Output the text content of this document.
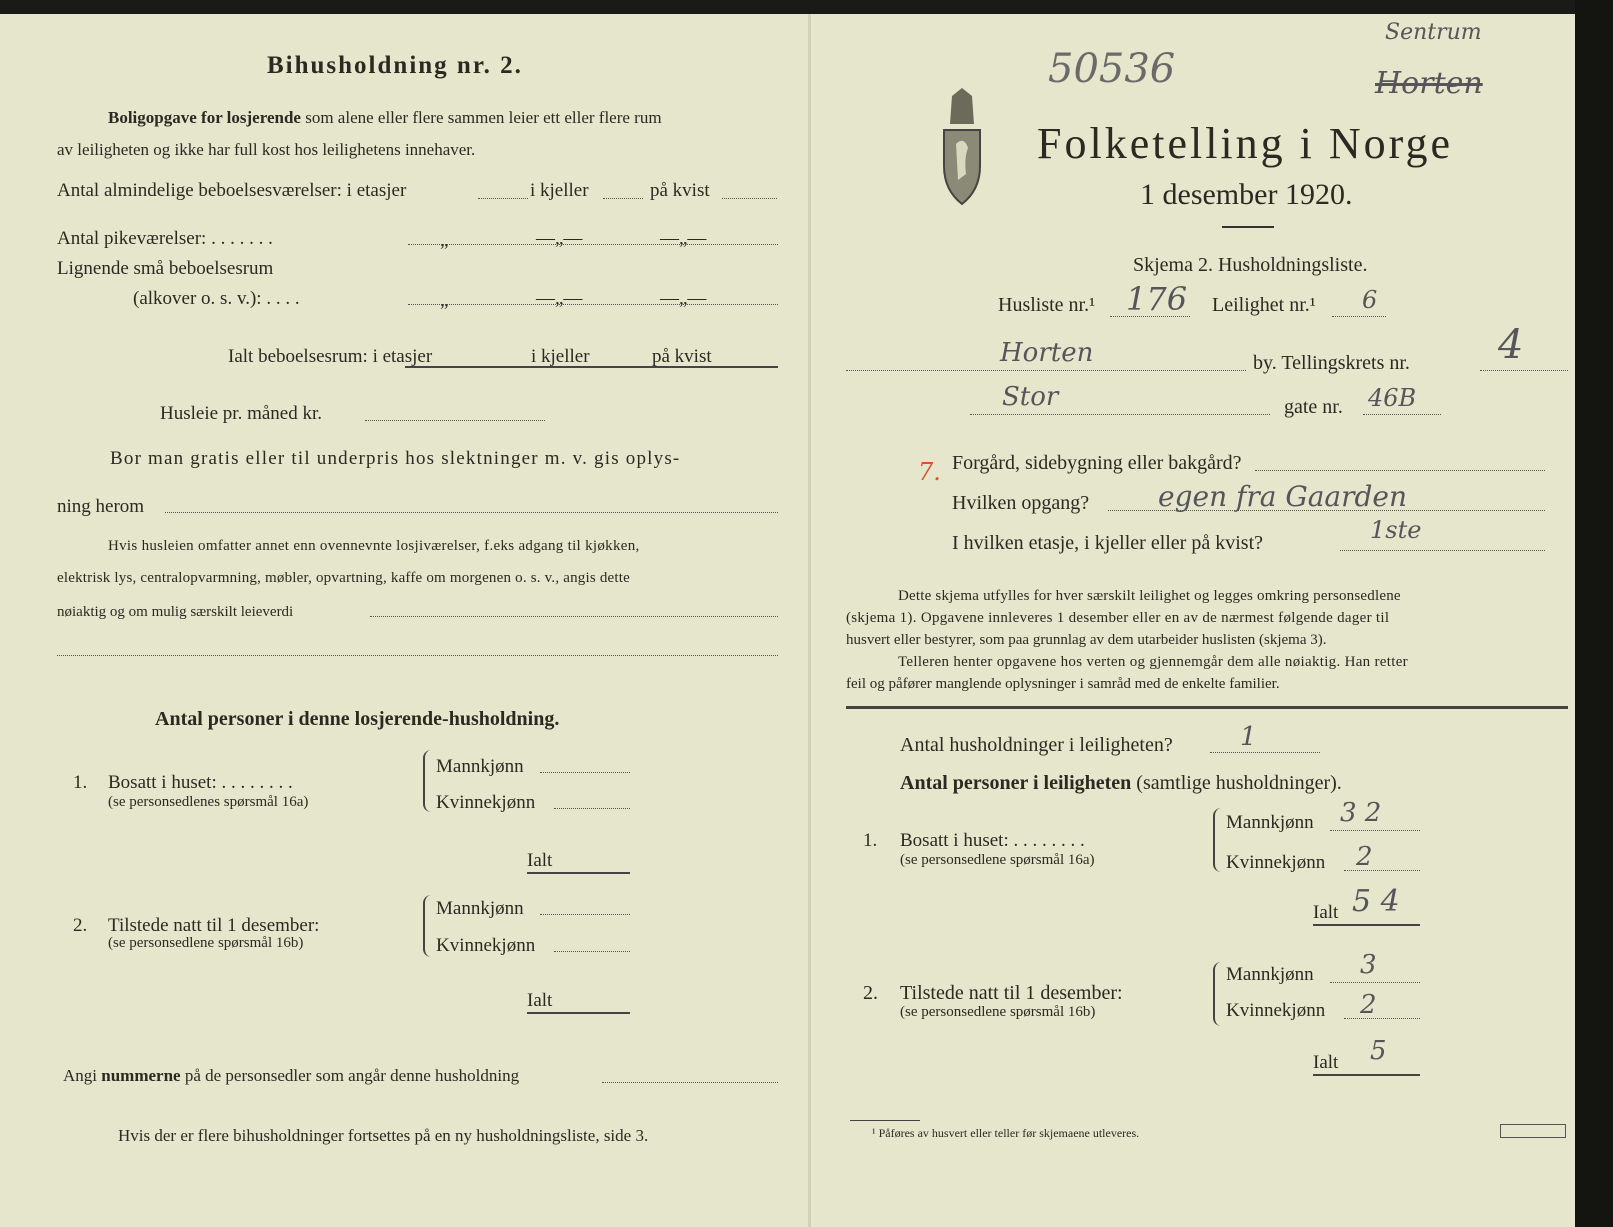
Bihusholdning nr. 2.
Boligopgave for losjerende som alene eller flere sammen leier ett eller flere rum
av leiligheten og ikke har full kost hos leilighetens innehaver.
Antal almindelige beboelsesværelser: i etasjer	i kjeller	på kvist
Antal pikeværelser: . . . . . . .	„	—„—	—„—
Lignende små beboelsesrum
(alkover o. s. v.): . . . .	„	—„—	—„—
Ialt beboelsesrum: i etasjer	i kjeller	på kvist
Husleie pr. måned kr.
Bor man gratis eller til underpris hos slektninger m. v. gis oplys-
ning herom
Hvis husleien omfatter annet enn ovennevnte losjiværelser, f.eks adgang til kjøkken,
elektrisk lys, centralopvarmning, møbler, opvartning, kaffe om morgenen o. s. v., angis dette
nøiaktig og om mulig særskilt leieverdi
Antal personer i denne losjerende-husholdning.
1. Bosatt i huset: . . . . . . . .
(se personsedlenes spørsmål 16a)
Mannkjønn
Kvinnekjønn
Ialt
2. Tilstede natt til 1 desember:
(se personsedlene spørsmål 16b)
Mannkjønn
Kvinnekjønn
Ialt
Angi nummerne på de personsedler som angår denne husholdning
Hvis der er flere bihusholdninger fortsettes på en ny husholdningsliste, side 3.
50536
Sentrum
Horten
Folketelling i Norge
1 desember 1920.
Skjema 2. Husholdningsliste.
Husliste nr.¹ 176 Leilighet nr.¹ 6
Horten	by. Tellingskrets nr. 4
Stor	gate nr. 46B
7. Forgård, sidebygning eller bakgård?
Hvilken opgang? egen fra Gaarden
I hvilken etasje, i kjeller eller på kvist?	1ste
Dette skjema utfylles for hver særskilt leilighet og legges omkring personsedlene
(skjema 1). Opgavene innleveres 1 desember eller en av de nærmest følgende dager til
husvert eller bestyrer, som paa grunnlag av dem utarbeider huslisten (skjema 3).
Telleren henter opgavene hos verten og gjennemgår dem alle nøiaktig. Han retter
feil og påfører manglende oplysninger i samråd med de enkelte familier.
Antal husholdninger i leiligheten?	1
Antal personer i leiligheten (samtlige husholdninger).
1. Bosatt i huset: . . . . . . . .
(se personsedlene spørsmål 16a)
Mannkjønn 3 2
Kvinnekjønn 2
Ialt 5 4
2. Tilstede natt til 1 desember:
(se personsedlene spørsmål 16b)
Mannkjønn 3
Kvinnekjønn 2
Ialt 5
¹ Påføres av husvert eller teller før skjemaene utleveres.
